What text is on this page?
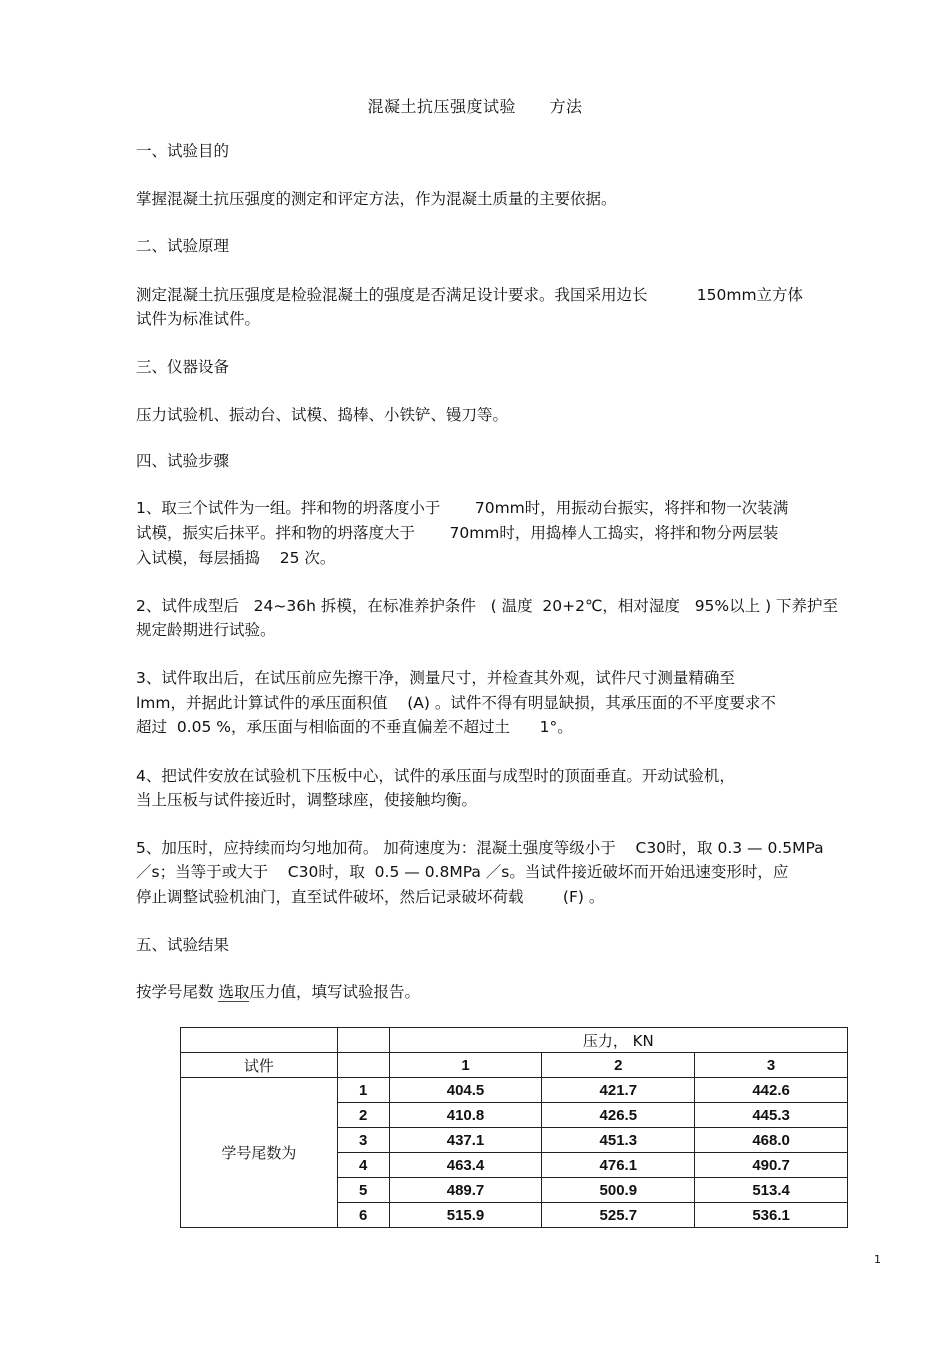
混凝土抗压强度试验      方法
一、试验目的
掌握混凝土抗压强度的测定和评定方法，作为混凝土质量的主要依据。
二、试验原理
测定混凝土抗压强度是检验混凝土的强度是否满足设计要求。我国采用边长          150mm立方体
试件为标准试件。
三、仪器设备
压力试验机、振动台、试模、捣棒、小铁铲、镘刀等。
四、试验步骤
1、取三个试件为一组。拌和物的坍落度小于       70mm时，用振动台振实，将拌和物一次装满
试模，振实后抹平。拌和物的坍落度大于       70mm时，用捣棒人工捣实，将拌和物分两层装
入试模，每层插捣    25 次。
2、试件成型后   24~36h 拆模，在标准养护条件   ( 温度  20+2℃，相对湿度   95%以上 ) 下养护至
规定龄期进行试验。
3、试件取出后，在试压前应先擦干净，测量尺寸，并检查其外观，试件尺寸测量精确至
lmm，并据此计算试件的承压面积值    (A) 。试件不得有明显缺损，其承压面的不平度要求不
超过  0.05 %，承压面与相临面的不垂直偏差不超过土      1°。
4、把试件安放在试验机下压板中心，试件的承压面与成型时的顶面垂直。开动试验机，
当上压板与试件接近时，调整球座，使接触均衡。
5、加压时，应持续而均匀地加荷。 加荷速度为：混凝土强度等级小于    C30时，取 0.3 — 0.5MPa
／s；当等于或大于    C30时，取  0.5 — 0.8MPa ／s。当试件接近破坏而开始迅速变形时，应
停止调整试验机油门，直至试件破坏，然后记录破坏荷载        (F) 。
五、试验结果
按学号尾数 选取压力值，填写试验报告。
		压力， KN		
试件		1	2	3
学号尾数为	1	404.5	421.7	442.6
	2	410.8	426.5	445.3
	3	437.1	451.3	468.0
	4	463.4	476.1	490.7
	5	489.7	500.9	513.4
	6	515.9	525.7	536.1
1
